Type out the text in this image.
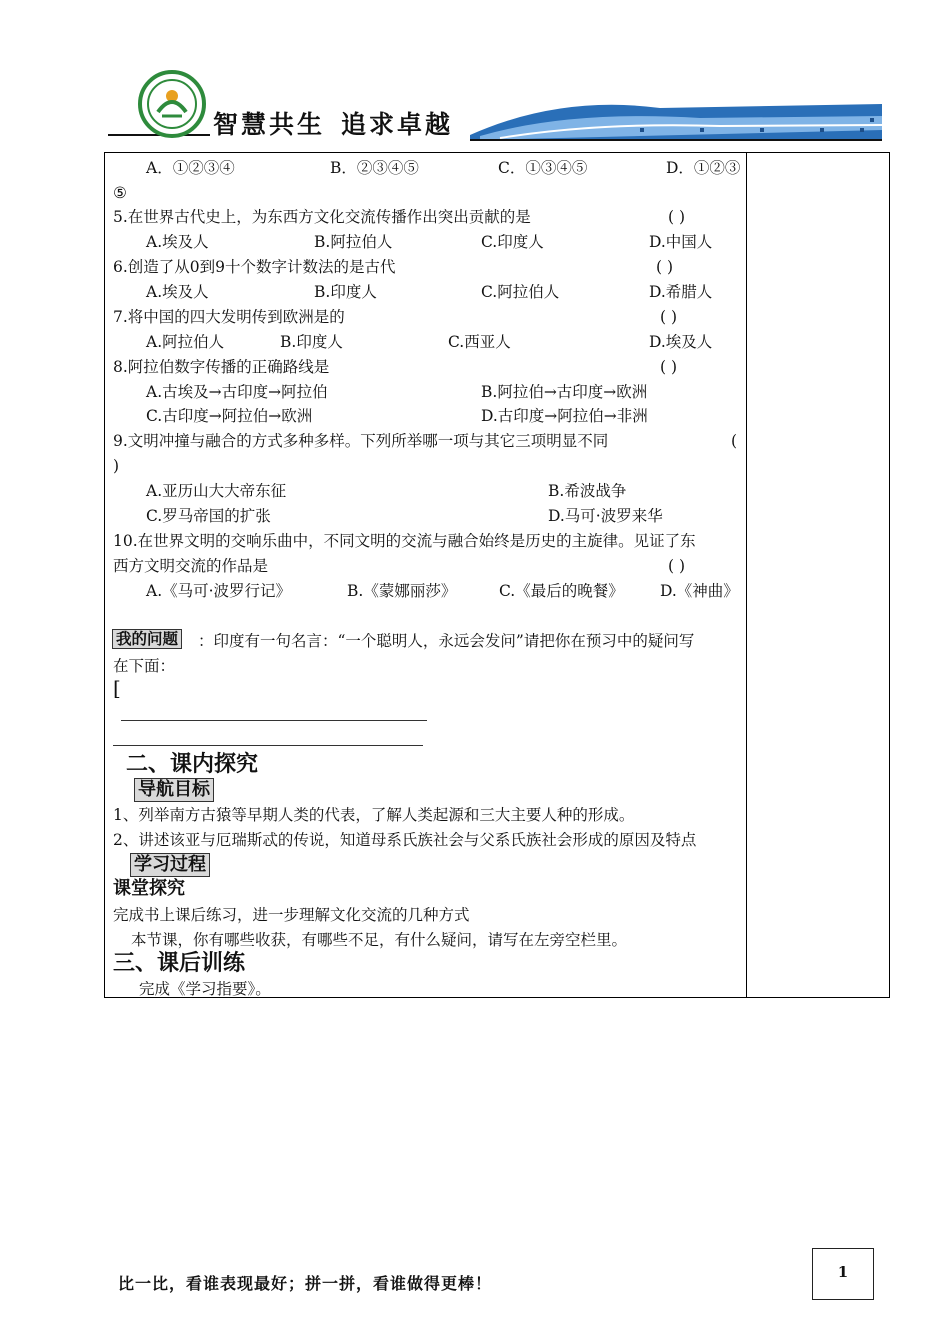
智慧共生 追求卓越
A．①②③④	B．②③④⑤	C．①③④⑤	D．①②③
⑤
5.在世界古代史上，为东西方文化交流传播作出突出贡献的是	( )
A.埃及人	B.阿拉伯人	C.印度人	D.中国人
6.创造了从0到9十个数字计数法的是古代	( )
A.埃及人	B.印度人	C.阿拉伯人	D.希腊人
7.将中国的四大发明传到欧洲是的	( )
A.阿拉伯人	B.印度人	C.西亚人	D.埃及人
8.阿拉伯数字传播的正确路线是	( )
A.古埃及→古印度→阿拉伯	B.阿拉伯→古印度→欧洲
C.古印度→阿拉伯→欧洲	D.古印度→阿拉伯→非洲
9.文明冲撞与融合的方式多种多样。下列所举哪一项与其它三项明显不同	(
)
A.亚历山大大帝东征	B.希波战争
C.罗马帝国的扩张	D.马可·波罗来华
10.在世界文明的交响乐曲中，不同文明的交流与融合始终是历史的主旋律。见证了东
西方文明交流的作品是	( )
A.《马可·波罗行记》	B.《蒙娜丽莎》	C.《最后的晚餐》 D.《神曲》
我的问题 ：印度有一句名言：“一个聪明人，永远会发问”请把你在预习中的疑问写
在下面：
[
二、课内探究
导航目标
1、列举南方古猿等早期人类的代表，了解人类起源和三大主要人种的形成。
2、讲述该亚与厄瑞斯忒的传说，知道母系氏族社会与父系氏族社会形成的原因及特点
学习过程
课堂探究
完成书上课后练习，进一步理解文化交流的几种方式
本节课，你有哪些收获，有哪些不足，有什么疑问，请写在左旁空栏里。
三、课后训练
完成《学习指要》。
比一比，看谁表现最好；拼一拼，看谁做得更棒！
1
